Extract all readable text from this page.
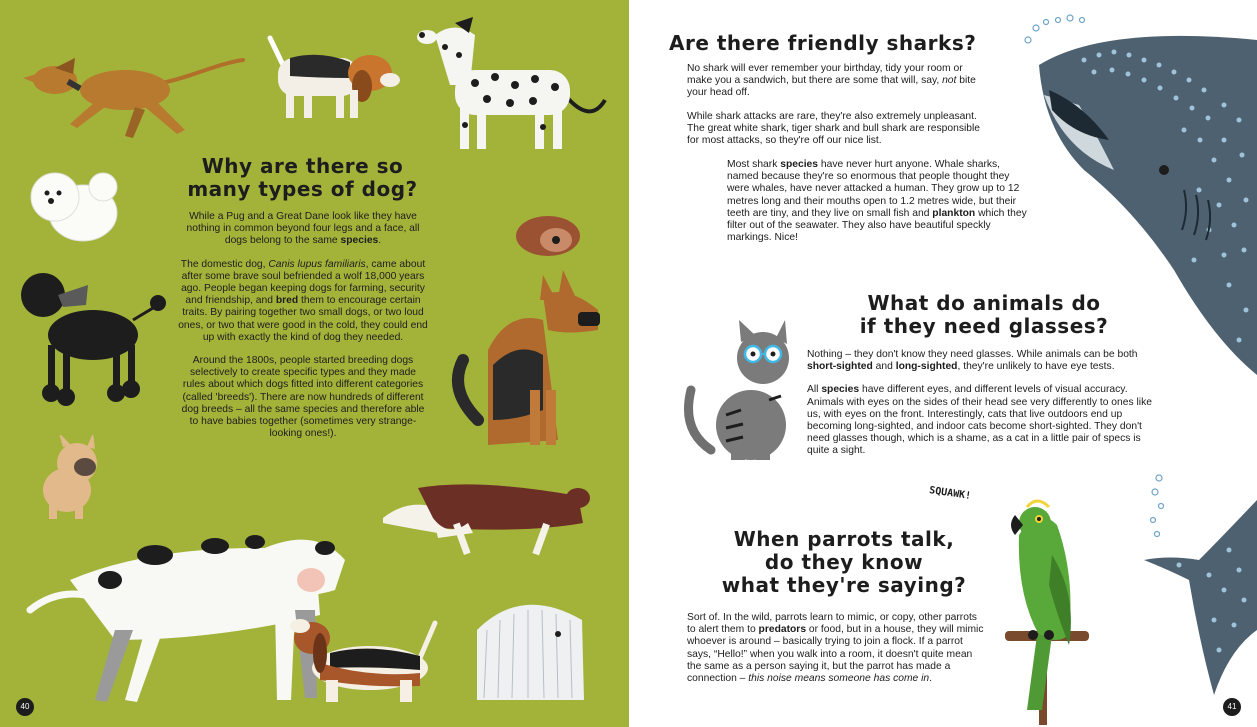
Why are there so
many types of dog?

While a Pug and a Great Dane look like they have nothing in common beyond four legs and a face, all dogs belong to the same species.

The domestic dog, Canis lupus familiaris, came about after some brave soul befriended a wolf 18,000 years ago. People began keeping dogs for farming, security and friendship, and bred them to encourage certain traits. By pairing together two small dogs, or two loud ones, or two that were good in the cold, they could end up with exactly the kind of dog they needed.

Around the 1800s, people started breeding dogs selectively to create specific types and they made rules about which dogs fitted into different categories (called 'breeds'). There are now hundreds of different dog breeds – all the same species and therefore able to have babies together (sometimes very strange-looking ones!).

40
Are there friendly sharks?

No shark will ever remember your birthday, tidy your room or make you a sandwich, but there are some that will, say, not bite your head off.

While shark attacks are rare, they're also extremely unpleasant. The great white shark, tiger shark and bull shark are responsible for most attacks, so they're off our nice list.

Most shark species have never hurt anyone. Whale sharks, named because they're so enormous that people thought they were whales, have never attacked a human. They grow up to 12 metres long and their mouths open to 1.2 metres wide, but their teeth are tiny, and they live on small fish and plankton which they filter out of the seawater. They also have beautiful speckly markings. Nice!

What do animals do
if they need glasses?

Nothing – they don't know they need glasses. While animals can be both short-sighted and long-sighted, they're unlikely to have eye tests.

All species have different eyes, and different levels of visual accuracy. Animals with eyes on the sides of their head see very differently to ones like us, with eyes on the front. Interestingly, cats that live outdoors end up becoming long-sighted, and indoor cats become short-sighted. They don't need glasses though, which is a shame, as a cat in a little pair of specs is quite a sight.

SQUAWK!
When parrots talk,
do they know
what they're saying?

Sort of. In the wild, parrots learn to mimic, or copy, other parrots to alert them to predators or food, but in a house, they will mimic whoever is around – basically trying to join a flock. If a parrot says, “Hello!” when you walk into a room, it doesn't quite mean the same as a person saying it, but the parrot has made a connection – this noise means someone has come in.

41
